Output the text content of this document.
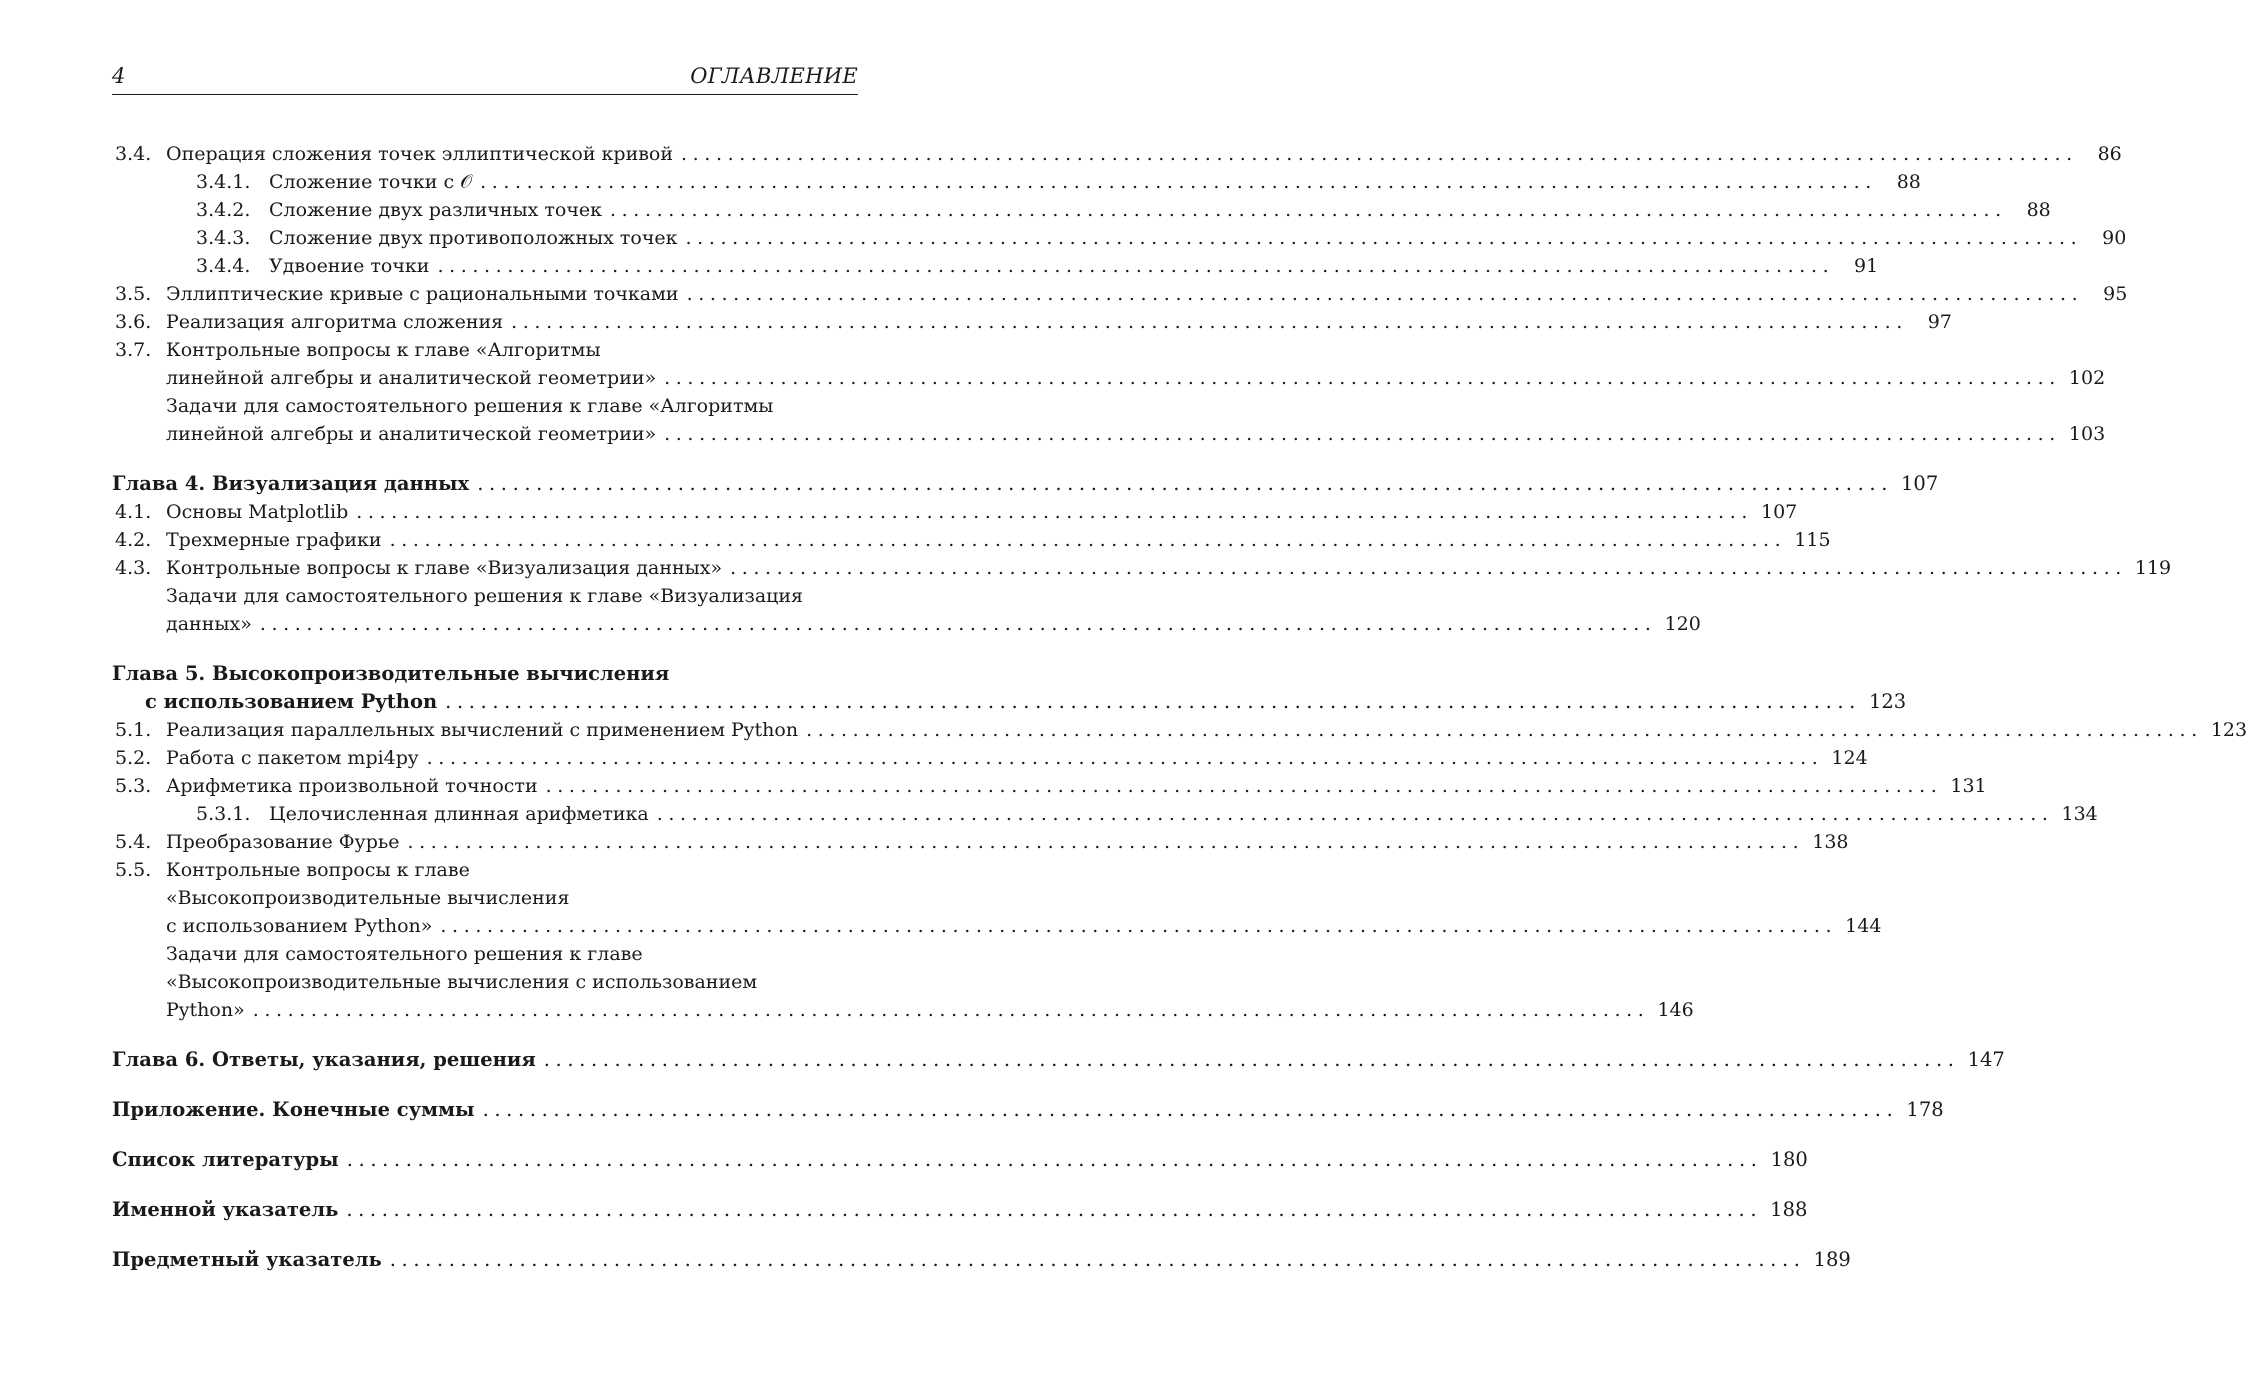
4	ОГЛАВЛЕНИЕ
3.4. Операция сложения точек эллиптической кривой ........................................................................................................................	86
3.4.1. Сложение точки с 𝒪 ........................................................................................................................	88
3.4.2. Сложение двух различных точек ........................................................................................................................	88
3.4.3. Сложение двух противоположных точек ........................................................................................................................	90
3.4.4. Удвоение точки ........................................................................................................................	91
3.5. Эллиптические кривые с рациональными точками ........................................................................................................................	95
3.6. Реализация алгоритма сложения ........................................................................................................................	97
3.7. Контрольные вопросы к главе «Алгоритмы
линейной алгебры и аналитической геометрии» ........................................................................................................................ 102
Задачи для самостоятельного решения к главе «Алгоритмы
линейной алгебры и аналитической геометрии» ........................................................................................................................ 103
Глава 4. Визуализация данных ........................................................................................................................ 107
4.1. Основы Matplotlib ........................................................................................................................ 107
4.2. Трехмерные графики ........................................................................................................................ 115
4.3. Контрольные вопросы к главе «Визуализация данных» ........................................................................................................................ 119
Задачи для самостоятельного решения к главе «Визуализация
данных» ........................................................................................................................ 120
Глава 5. Высокопроизводительные вычисления
с использованием Python ........................................................................................................................ 123
5.1. Реализация параллельных вычислений с применением Python ........................................................................................................................ 123
5.2. Работа с пакетом mpi4py ........................................................................................................................ 124
5.3. Арифметика произвольной точности ........................................................................................................................ 131
5.3.1. Целочисленная длинная арифметика ........................................................................................................................ 134
5.4. Преобразование Фурье ........................................................................................................................ 138
5.5. Контрольные вопросы к главе
«Высокопроизводительные вычисления
с использованием Python» ........................................................................................................................ 144
Задачи для самостоятельного решения к главе
«Высокопроизводительные вычисления с использованием
Python» ........................................................................................................................ 146
Глава 6. Ответы, указания, решения ........................................................................................................................ 147
Приложение. Конечные суммы ........................................................................................................................ 178
Список литературы ........................................................................................................................ 180
Именной указатель ........................................................................................................................ 188
Предметный указатель ........................................................................................................................ 189
